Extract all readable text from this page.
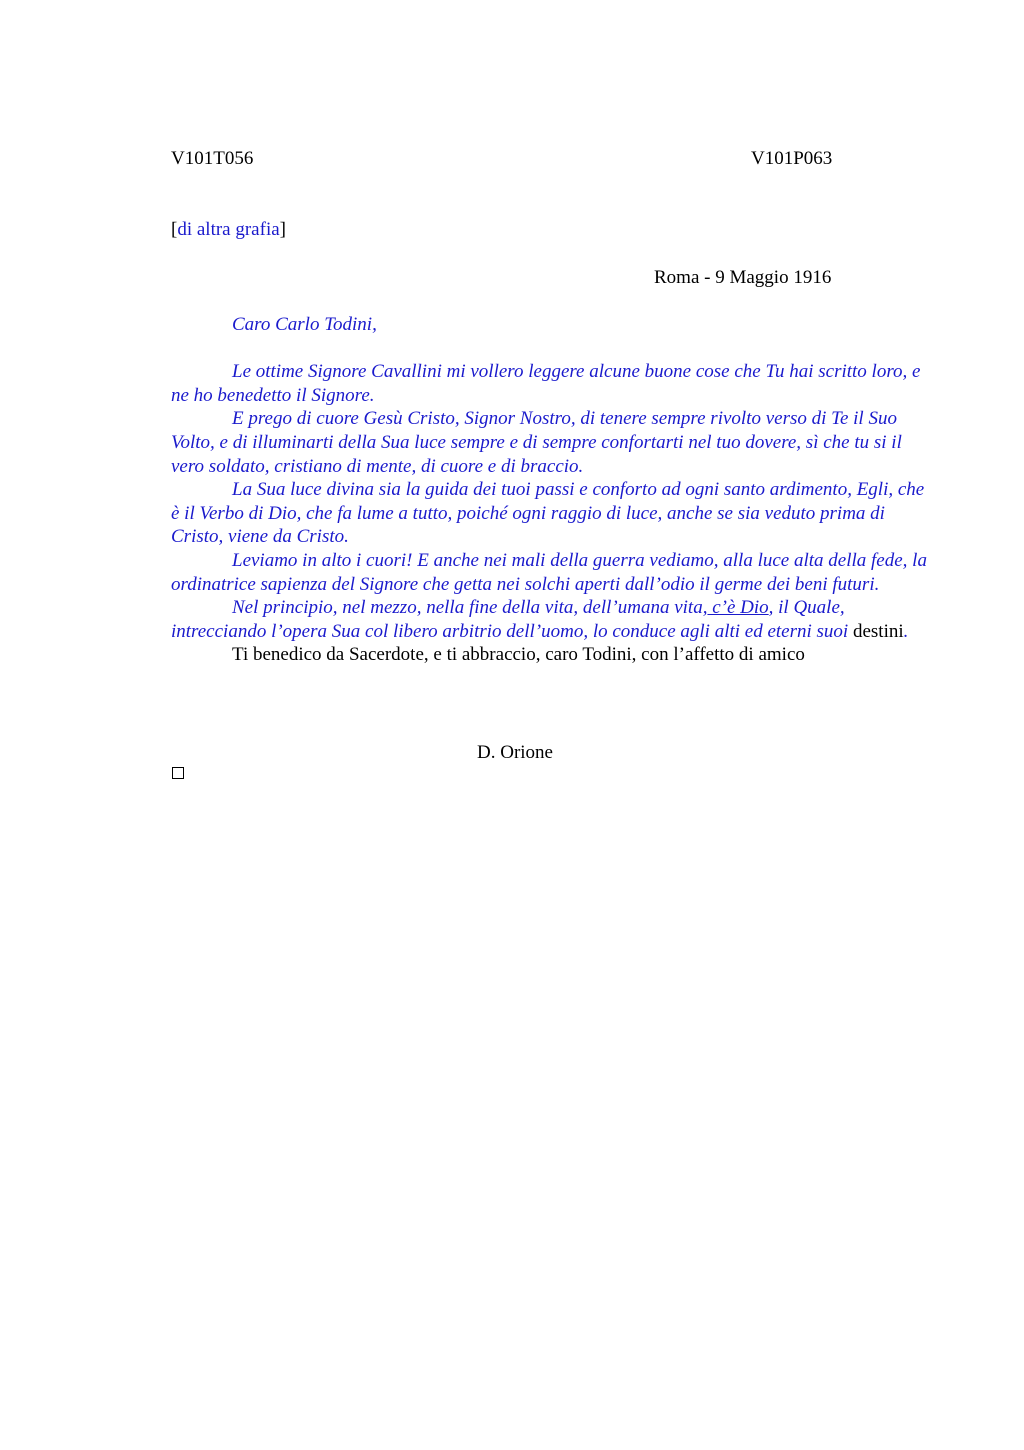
V101T056	V101P063
[di altra grafia]
Roma - 9 Maggio 1916

Caro Carlo Todini,

Le ottime Signore Cavallini mi vollero leggere alcune buone cose che Tu hai scritto loro, e ne ho benedetto il Signore.

E prego di cuore Gesù Cristo, Signor Nostro, di tenere sempre rivolto verso di Te il Suo Volto, e di illuminarti della Sua luce sempre e di sempre confortarti nel tuo dovere, sì che tu si il vero soldato, cristiano di mente, di cuore e di braccio.

La Sua luce divina sia la guida dei tuoi passi e conforto ad ogni santo ardimento, Egli, che è il Verbo di Dio, che fa lume a tutto, poiché ogni raggio di luce, anche se sia veduto prima di Cristo, viene da Cristo.

Leviamo in alto i cuori! E anche nei mali della guerra vediamo, alla luce alta della fede, la ordinatrice sapienza del Signore che getta nei solchi aperti dall’odio il germe dei beni futuri.

Nel principio, nel mezzo, nella fine della vita, dell’umana vita, c’è Dio, il Quale, intrecciando l’opera Sua col libero arbitrio dell’uomo, lo conduce agli alti ed eterni suoi destini.

Ti benedico da Sacerdote, e ti abbraccio, caro Todini, con l’affetto di amico

D. Orione
